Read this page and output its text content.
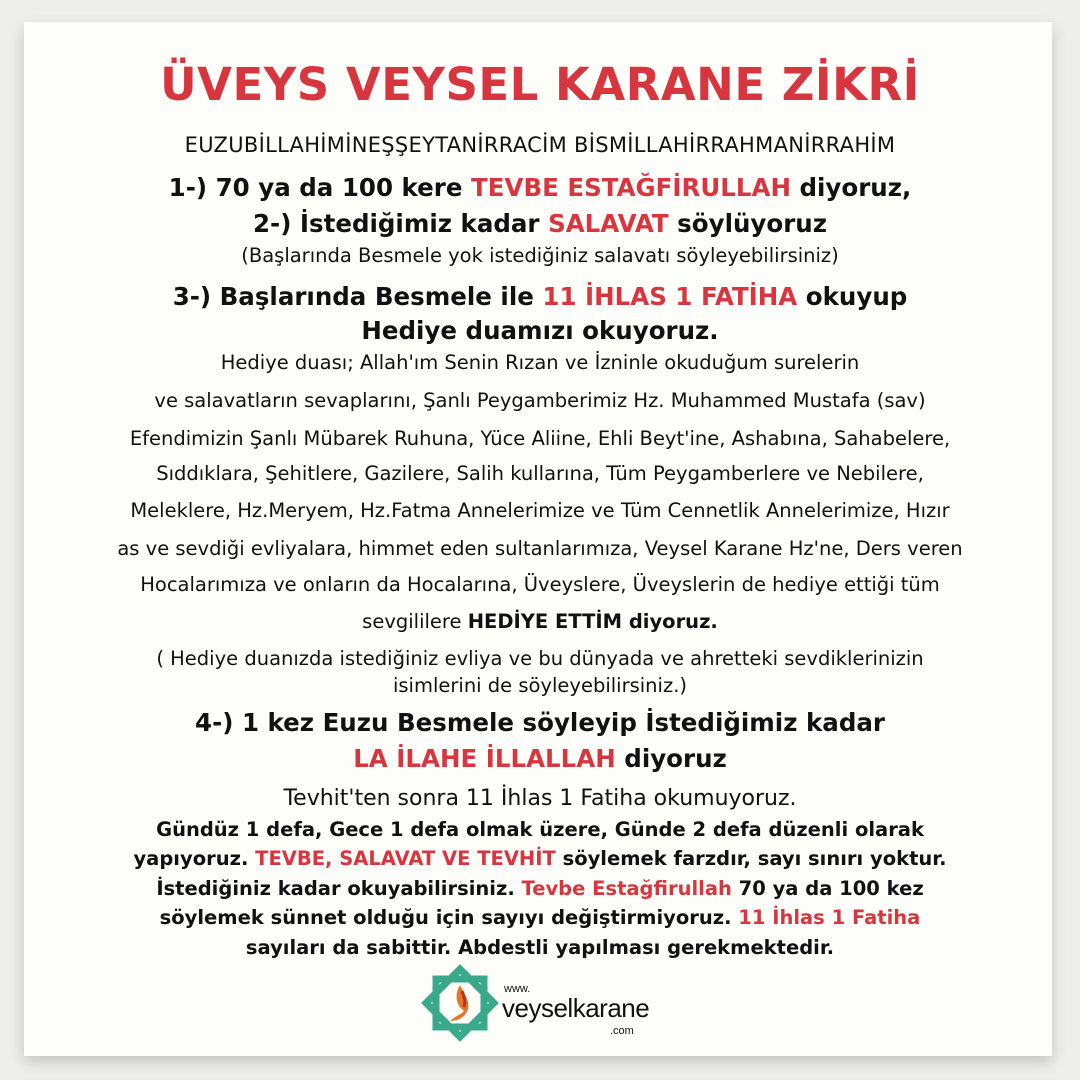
ÜVEYS VEYSEL KARANE ZİKRİ
EUZUBİLLAHİMİNEŞŞEYTANİRRACİM BİSMİLLAHİRRAHMANİRRAHİM
1-) 70 ya da 100 kere TEVBE ESTAĞFİRULLAH diyoruz,
2-) İstediğimiz kadar SALAVAT söylüyoruz
(Başlarında Besmele yok istediğiniz salavatı söyleyebilirsiniz)
3-) Başlarında Besmele ile 11 İHLAS 1 FATİHA okuyup
Hediye duamızı okuyoruz.
Hediye duası; Allah'ım Senin Rızan ve İzninle okuduğum surelerin
ve salavatların sevaplarını, Şanlı Peygamberimiz Hz. Muhammed Mustafa (sav)
Efendimizin Şanlı Mübarek Ruhuna, Yüce Aliine, Ehli Beyt'ine, Ashabına, Sahabelere,
Sıddıklara, Şehitlere, Gazilere, Salih kullarına, Tüm Peygamberlere ve Nebilere,
Meleklere, Hz.Meryem, Hz.Fatma Annelerimize ve Tüm Cennetlik Annelerimize, Hızır
as ve sevdiği evliyalara, himmet eden sultanlarımıza, Veysel Karane Hz'ne, Ders veren
Hocalarımıza ve onların da Hocalarına, Üveyslere, Üveyslerin de hediye ettiği tüm
sevgililere HEDİYE ETTİM diyoruz.
( Hediye duanızda istediğiniz evliya ve bu dünyada ve ahretteki sevdiklerinizin
isimlerini de söyleyebilirsiniz.)
4-) 1 kez Euzu Besmele söyleyip İstediğimiz kadar
LA İLAHE İLLALLAH diyoruz
Tevhit'ten sonra 11 İhlas 1 Fatiha okumuyoruz.
Gündüz 1 defa, Gece 1 defa olmak üzere, Günde 2 defa düzenli olarak
yapıyoruz. TEVBE, SALAVAT VE TEVHİT söylemek farzdır, sayı sınırı yoktur.
İstediğiniz kadar okuyabilirsiniz. Tevbe Estağfirullah 70 ya da 100 kez
söylemek sünnet olduğu için sayıyı değiştirmiyoruz. 11 İhlas 1 Fatiha
sayıları da sabittir. Abdestli yapılması gerekmektedir.
www.
veyselkarane
.com
